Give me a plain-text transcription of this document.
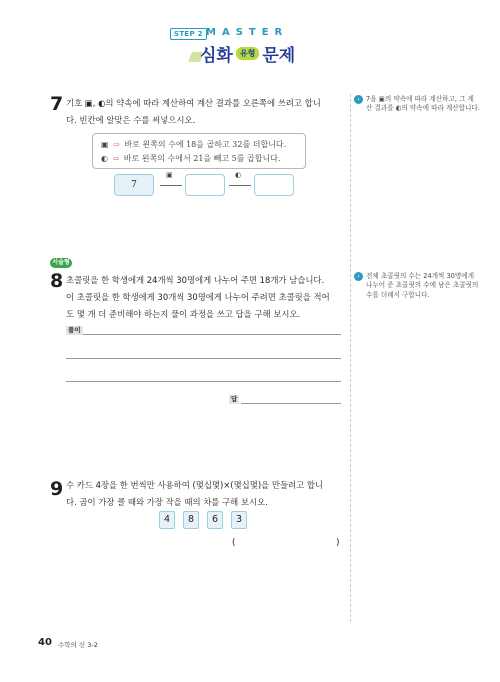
STEP 2 MASTER
심화 유형 문제
7 기호 ▣, ◐의 약속에 따라 계산하여 계산 결과를 오른쪽에 쓰려고 합니
다. 빈칸에 알맞은 수를 써넣으시오.
▣ ⇨ 바로 왼쪽의 수에 18을 곱하고 32를 더합니다.
◐ ⇨ 바로 왼쪽의 수에서 21을 빼고 5를 곱합니다.
7
▣	◐
› 7을 ▣의 약속에 따라 계산하고, 그 계산 결과를 ◐의 약속에 따라 계산합니다.
서술형
8 초콜릿을 한 학생에게 24개씩 30명에게 나누어 주면 18개가 남습니다.
이 초콜릿을 한 학생에게 30개씩 30명에게 나누어 주려면 초콜릿을 적어
도 몇 개 더 준비해야 하는지 풀이 과정을 쓰고 답을 구해 보시오.
풀이
답
› 전체 초콜릿의 수는 24개씩 30명에게 나누어 준 초콜릿의 수에 남은 초콜릿의 수를 더해서 구합니다.
9 수 카드 4장을 한 번씩만 사용하여 (몇십몇)×(몇십몇)을 만들려고 합니
다. 곱이 가장 클 때와 가장 작을 때의 차를 구해 보시오.
4	8	6	3
(	)
40 수학의 신 3-2
